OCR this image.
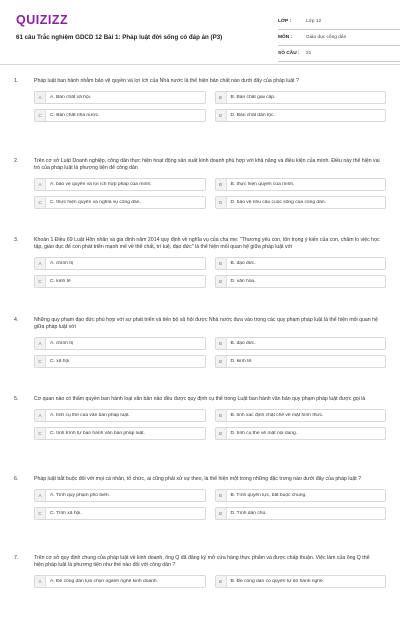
QUIZIZZ
61 câu Trắc nghiệm GDCD 12 Bài 1: Pháp luật đời sống có đáp án (P3)
LỚP :	Lớp 12
MÔN :	Giáo dục công dân
SỐ CÂU :	21
1.	Pháp luật ban hành nhằm bảo vệ quyền và lợi ích của Nhà nước là thể hiện bản chất nào dưới đây của pháp luật ?
A	A. Bản chất xã hội.	B	B. Bản chất giai cấp.
C	C. Bản chất nhà nước.	D	D. Bản chất dân tộc.
2.	Trên cơ sở Luật Doanh nghiệp, công dân thực hiện hoạt động sản xuất kinh doanh phù hợp với khả năng và điều kiện của mình. Điều này thể hiện vai trò của pháp luật là phương tiện để công dân
A	A. bảo vệ quyền và lợi ích hợp pháp của mình.	B	B. thực hiện quyền của mình.
C	C. thực hiện quyền và nghĩa vụ công dân.	D	D. bảo vệ nhu cầu cuộc sống của công dân.
3.	Khoản 1 Điều 69 Luật Hôn nhân và gia đình năm 2014 quy định về nghĩa vụ của cha mẹ: "Thương yêu con, tôn trọng ý kiến của con, chăm lo việc học tập, giáo dục để con phát triển mạnh mẽ về thể chất, trí tuệ, đạo đức" là thể hiện mối quan hệ giữa pháp luật với
A	A. chính trị	B	B. đạo đức.
C	C. kinh tế	D	D. văn hóa.
4.	Những quy phạm đạo đức phù hợp với sự phát triển và tiến bộ xã hội được Nhà nước đưa vào trong các quy phạm pháp luật là thể hiện mối quan hệ giữa pháp luật với
A	A. chính trị	B	B. đạo đức.
C	C. xã hội	D	D. kinh tế.
5.	Cơ quan nào có thẩm quyền ban hành loại văn bản nào đều được quy định cụ thể trong Luật ban hành văn bản quy phạm pháp luật được gọi là
A	A. tính cụ thể của văn bản pháp luật.	B	B. tính xác định chặt chẽ về mặt hình thức.
C	C. tính trình tự ban hành văn bản pháp luật.	D	D. tính cụ thể về mặt nội dung.
6.	Pháp luật bắt buộc đối với mọi cá nhân, tổ chức, ai cũng phải xử sự theo, là thể hiện một trong những đặc trưng nào dưới đây của pháp luật ?
A	A. Tính quy phạm phổ biến.	B	B. Tính quyền lực, bắt buộc chung.
C	C. Tính xã hội.	D	D. Tính dân chủ.
7.	Trên cơ sở quy định chung của pháp luật về kinh doanh, ông Q đã đăng ký mở cửa hàng thực phẩm và được chấp thuận. Việc làm của ông Q thể hiện pháp luật là phương tiện như thế nào đối với công dân ?
A	A. Để công dân lựa chọn ngành nghề kinh doanh.	B	B. Để công dân có quyền tự do hành nghề.
